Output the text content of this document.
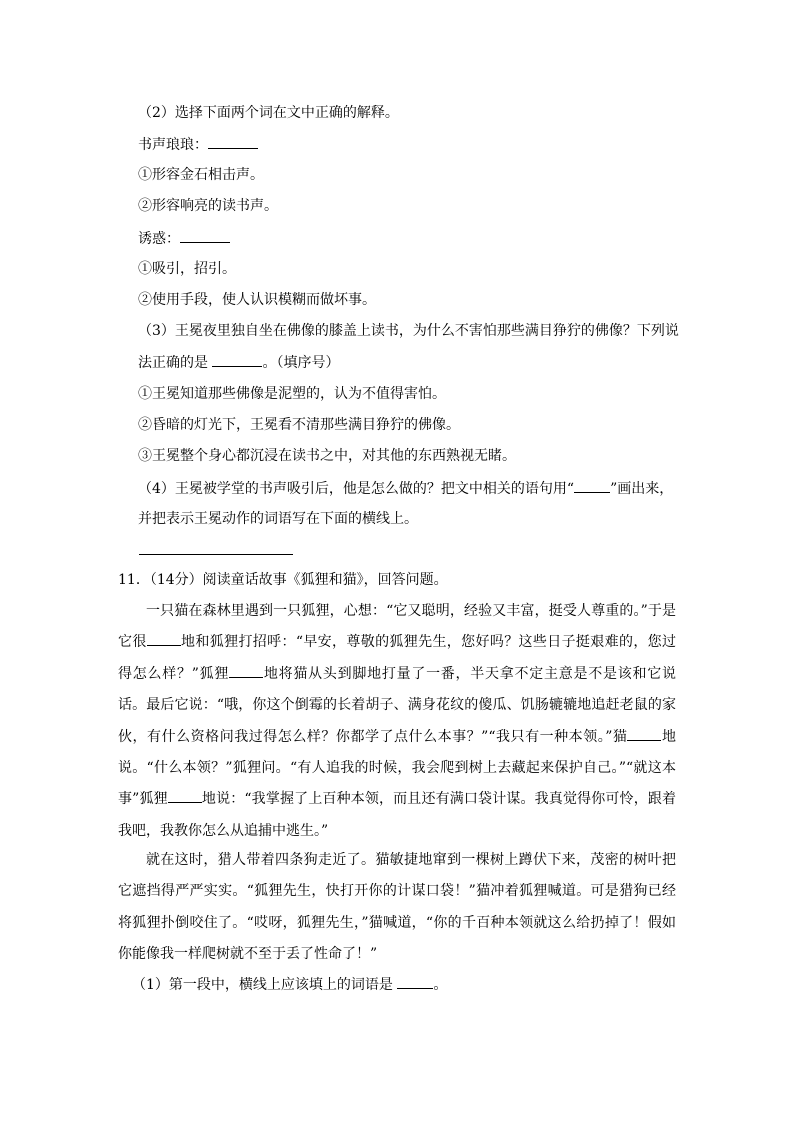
（2）选择下面两个词在文中正确的解释。
书声琅琅：
①形容金石相击声。
②形容响亮的读书声。
诱惑：
①吸引，招引。
②使用手段，使人认识模糊而做坏事。
（3）王冕夜里独自坐在佛像的膝盖上读书，为什么不害怕那些满目狰狞的佛像？下列说
法正确的是	。（填序号）
①王冕知道那些佛像是泥塑的，认为不值得害怕。
②昏暗的灯光下，王冕看不清那些满目狰狞的佛像。
③王冕整个身心都沉浸在读书之中，对其他的东西熟视无睹。
（4）王冕被学堂的书声吸引后，他是怎么做的？把文中相关的语句用“	”画出来，
并把表示王冕动作的词语写在下面的横线上。
11．（14分）阅读童话故事《狐狸和猫》，回答问题。
一只猫在森林里遇到一只狐狸，心想：“它又聪明，经验又丰富，挺受人尊重的。”于是它很 地和狐狸打招呼：“早安，尊敬的狐狸先生，您好吗？这些日子挺艰难的，您过得怎么样？”狐狸 地将猫从头到脚地打量了一番，半天拿不定主意是不是该和它说话。最后它说：“哦，你这个倒霉的长着胡子、满身花纹的傻瓜、饥肠辘辘地追赶老鼠的家伙，有什么资格问我过得怎么样？你都学了点什么本事？”“我只有一种本领。”猫 地说。“什么本领？”狐狸问。“有人追我的时候，我会爬到树上去藏起来保护自己。”“就这本事”狐狸 地说：“我掌握了上百种本领，而且还有满口袋计谋。我真觉得你可怜，跟着我吧，我教你怎么从追捕中逃生。”
就在这时，猎人带着四条狗走近了。猫敏捷地窜到一棵树上蹲伏下来，茂密的树叶把它遮挡得严严实实。“狐狸先生，快打开你的计谋口袋！”猫冲着狐狸喊道。可是猎狗已经将狐狸扑倒咬住了。“哎呀，狐狸先生，”猫喊道，“你的千百种本领就这么给扔掉了！假如你能像我一样爬树就不至于丢了性命了！”
（1）第一段中，横线上应该填上的词语是	。
